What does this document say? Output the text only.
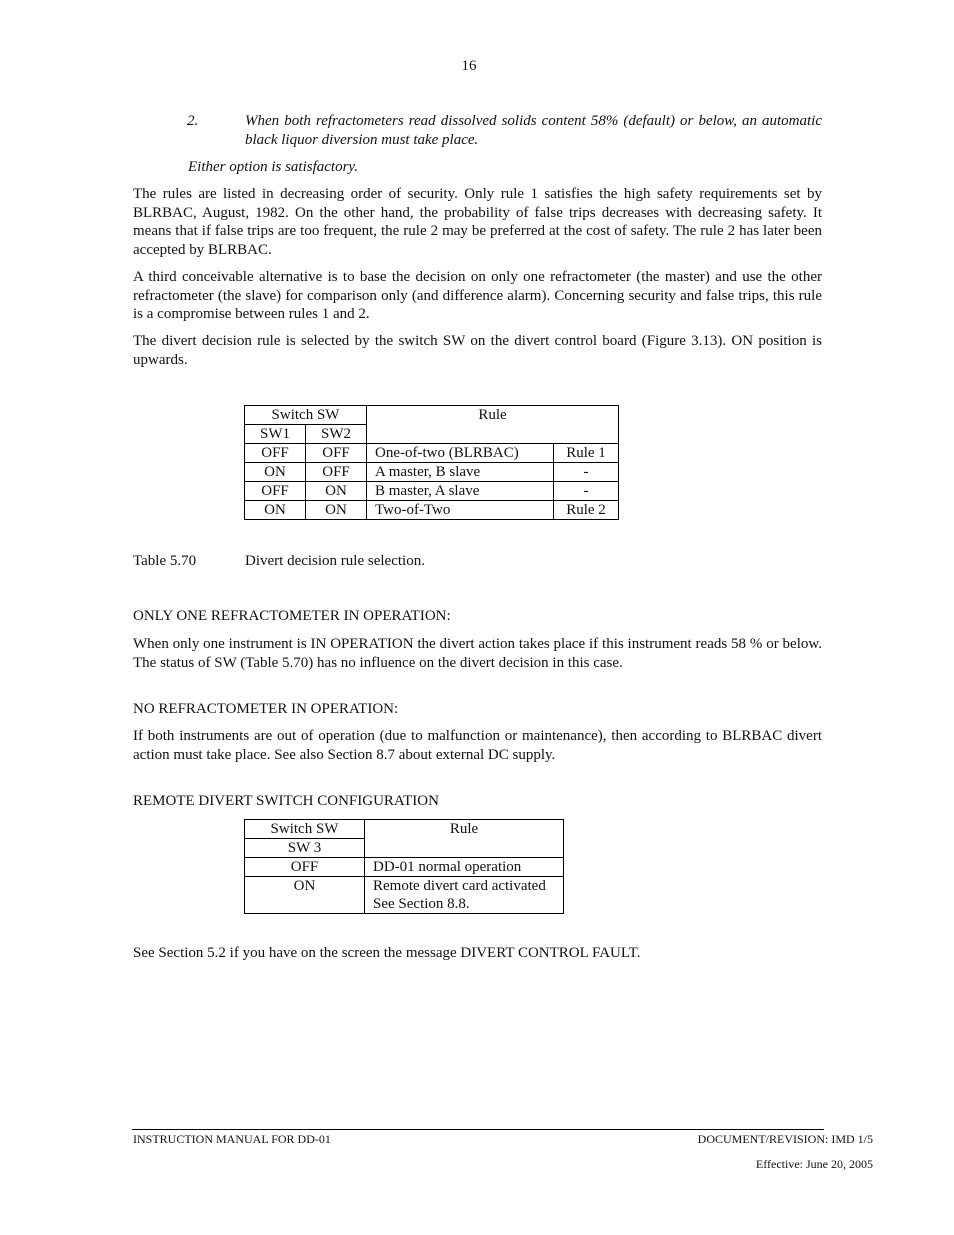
16
2.	When both refractometers read dissolved solids content 58% (default) or below, an automatic black liquor diversion must take place.
Either option is satisfactory.

The rules are listed in decreasing order of security. Only rule 1 satisfies the high safety requirements set by BLRBAC, August, 1982. On the other hand, the probability of false trips decreases with decreasing safety. It means that if false trips are too frequent, the rule 2 may be preferred at the cost of safety. The rule 2 has later been accepted by BLRBAC.

A third conceivable alternative is to base the decision on only one refractometer (the master) and use the other refractometer (the slave) for comparison only (and difference alarm). Concerning security and false trips, this rule is a compromise between rules 1 and 2.

The divert decision rule is selected by the switch SW on the divert control board (Figure 3.13). ON position is upwards.

Switch SW		Rule	
SW1	SW2		
OFF	OFF	One-of-two (BLRBAC)	Rule 1
ON	OFF	A master, B slave	-
OFF	ON	B master, A slave	-
ON	ON	Two-of-Two	Rule 2
Table 5.70	Divert decision rule selection.
ONLY ONE REFRACTOMETER IN OPERATION:

When only one instrument is IN OPERATION the divert action takes place if this instrument reads 58 % or below. The status of SW (Table 5.70) has no influence on the divert decision in this case.

NO REFRACTOMETER IN OPERATION:

If both instruments are out of operation (due to malfunction or maintenance), then according to BLRBAC divert action must take place. See also Section 8.7 about external DC supply.

REMOTE DIVERT SWITCH CONFIGURATION
Switch SW	Rule
SW 3	
OFF	DD-01 normal operation
ON	Remote divert card activated
See Section 8.8.
See Section 5.2 if you have on the screen the message DIVERT CONTROL FAULT.
INSTRUCTION MANUAL FOR DD-01	DOCUMENT/REVISION: IMD 1/5
Effective: June 20, 2005
